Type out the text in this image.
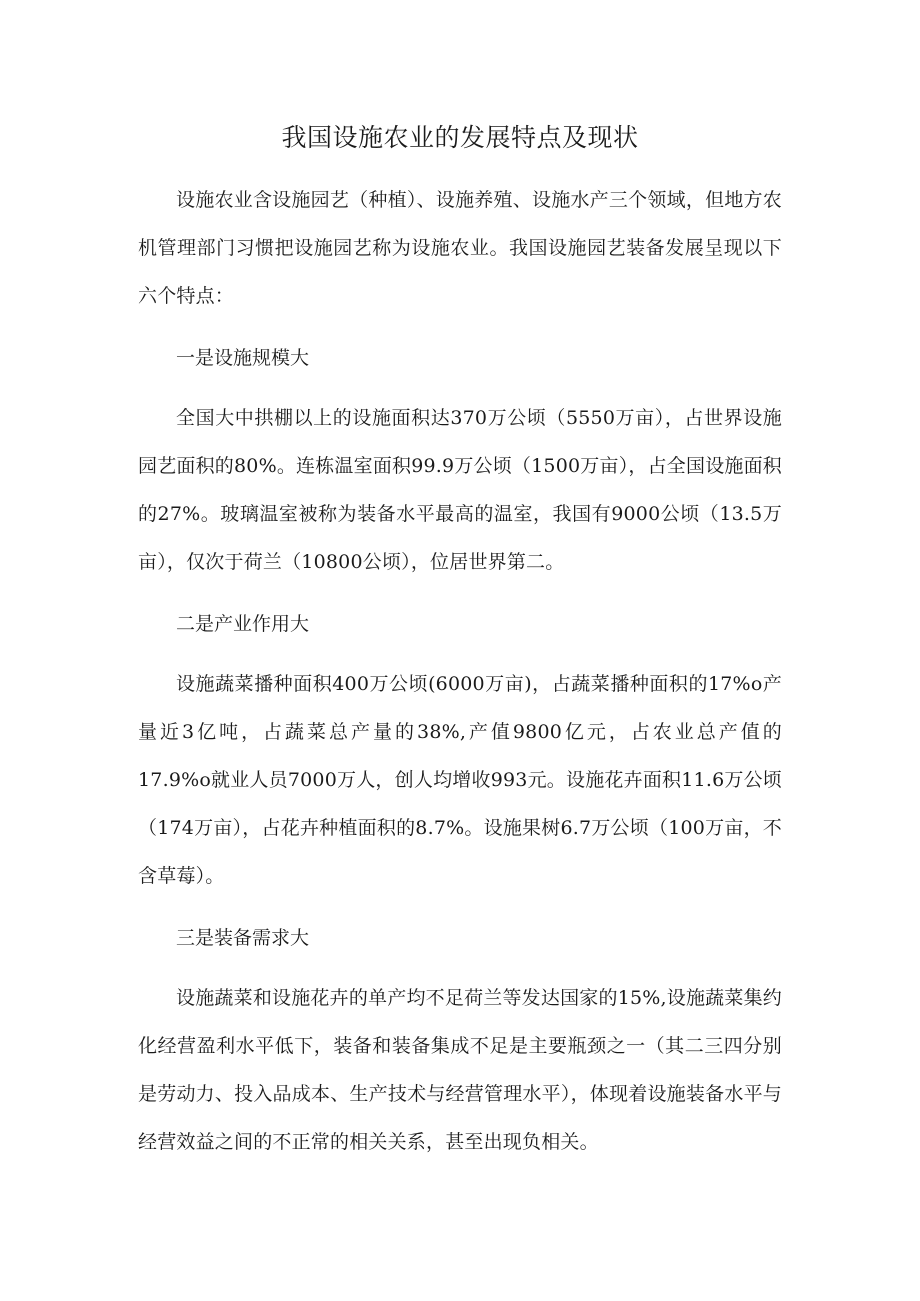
我国设施农业的发展特点及现状

设施农业含设施园艺（种植）、设施养殖、设施水产三个领域，但地方农机管理部门习惯把设施园艺称为设施农业。我国设施园艺装备发展呈现以下六个特点：

一是设施规模大

全国大中拱棚以上的设施面积达370万公顷（5550万亩），占世界设施园艺面积的80%。连栋温室面积99.9万公顷（1500万亩），占全国设施面积的27%。玻璃温室被称为装备水平最高的温室，我国有9000公顷（13.5万亩），仅次于荷兰（10800公顷），位居世界第二。

二是产业作用大

设施蔬菜播种面积400万公顷(6000万亩)，占蔬菜播种面积的17%o产量近3亿吨，占蔬菜总产量的38%,产值9800亿元，占农业总产值的17.9%o就业人员7000万人，创人均增收993元。设施花卉面积11.6万公顷（174万亩），占花卉种植面积的8.7%。设施果树6.7万公顷（100万亩，不含草莓）。

三是装备需求大

设施蔬菜和设施花卉的单产均不足荷兰等发达国家的15%,设施蔬菜集约化经营盈利水平低下，装备和装备集成不足是主要瓶颈之一（其二三四分别是劳动力、投入品成本、生产技术与经营管理水平），体现着设施装备水平与经营效益之间的不正常的相关关系，甚至出现负相关。
